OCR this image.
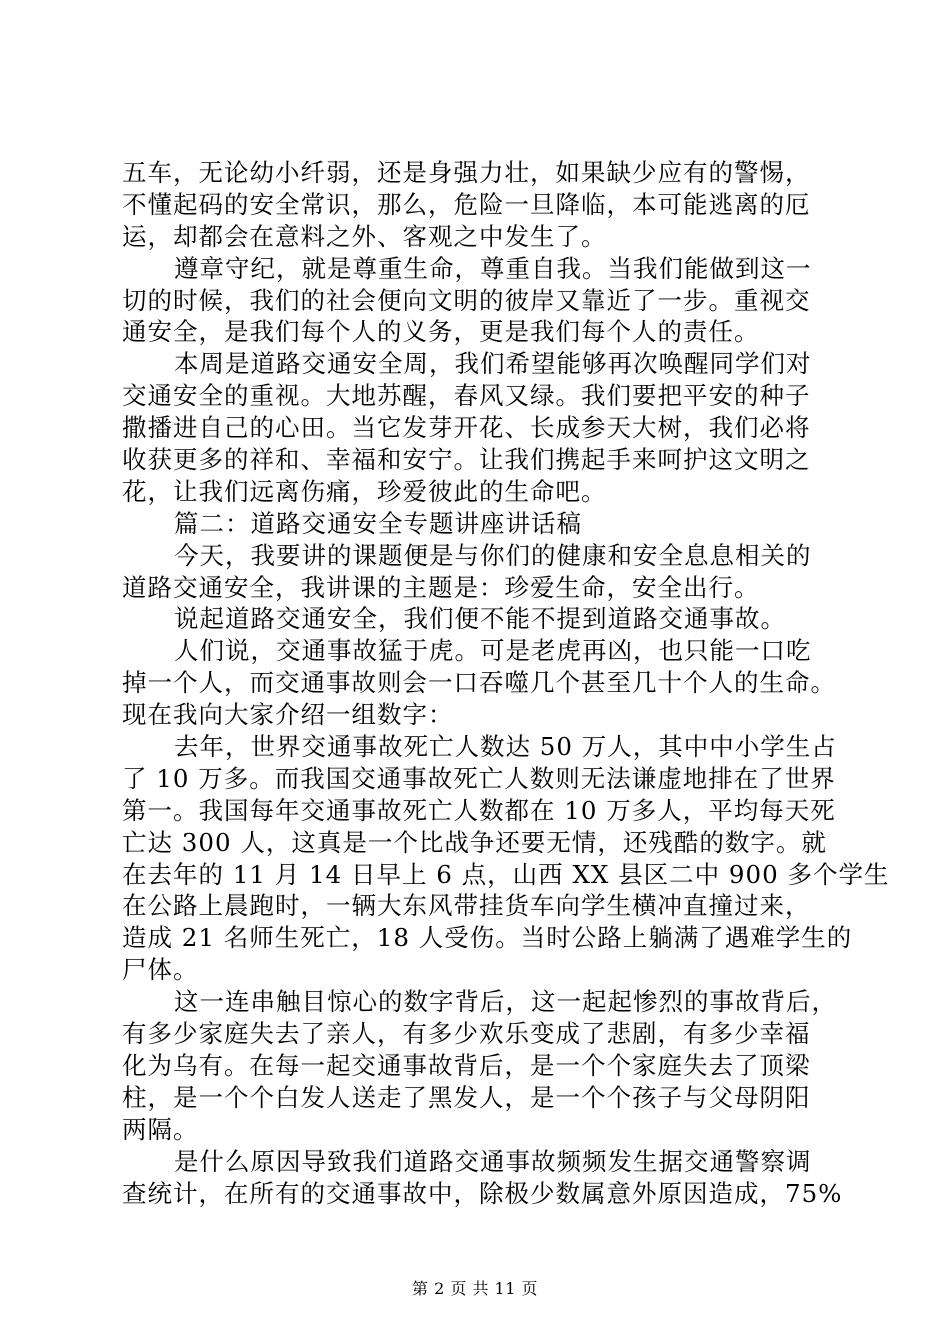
五车，无论幼小纤弱，还是身强力壮，如果缺少应有的警惕，
不懂起码的安全常识，那么，危险一旦降临，本可能逃离的厄
运，却都会在意料之外、客观之中发生了。
遵章守纪，就是尊重生命，尊重自我。当我们能做到这一
切的时候，我们的社会便向文明的彼岸又靠近了一步。重视交
通安全，是我们每个人的义务，更是我们每个人的责任。
本周是道路交通安全周，我们希望能够再次唤醒同学们对
交通安全的重视。大地苏醒，春风又绿。我们要把平安的种子
撒播进自己的心田。当它发芽开花、长成参天大树，我们必将
收获更多的祥和、幸福和安宁。让我们携起手来呵护这文明之
花，让我们远离伤痛，珍爱彼此的生命吧。
篇二：道路交通安全专题讲座讲话稿
今天，我要讲的课题便是与你们的健康和安全息息相关的
道路交通安全，我讲课的主题是：珍爱生命，安全出行。
说起道路交通安全，我们便不能不提到道路交通事故。
人们说，交通事故猛于虎。可是老虎再凶，也只能一口吃
掉一个人，而交通事故则会一口吞噬几个甚至几十个人的生命。
现在我向大家介绍一组数字：
去年，世界交通事故死亡人数达 50 万人，其中中小学生占
了 10 万多。而我国交通事故死亡人数则无法谦虚地排在了世界
第一。我国每年交通事故死亡人数都在 10 万多人，平均每天死
亡达 300 人，这真是一个比战争还要无情，还残酷的数字。就
在去年的 11 月 14 日早上 6 点，山西 XX 县区二中 900 多个学生
在公路上晨跑时，一辆大东风带挂货车向学生横冲直撞过来，
造成 21 名师生死亡，18 人受伤。当时公路上躺满了遇难学生的
尸体。
这一连串触目惊心的数字背后，这一起起惨烈的事故背后，
有多少家庭失去了亲人，有多少欢乐变成了悲剧，有多少幸福
化为乌有。在每一起交通事故背后，是一个个家庭失去了顶梁
柱，是一个个白发人送走了黑发人，是一个个孩子与父母阴阳
两隔。
是什么原因导致我们道路交通事故频频发生据交通警察调
查统计，在所有的交通事故中，除极少数属意外原因造成，75%
第 2 页 共 11 页
